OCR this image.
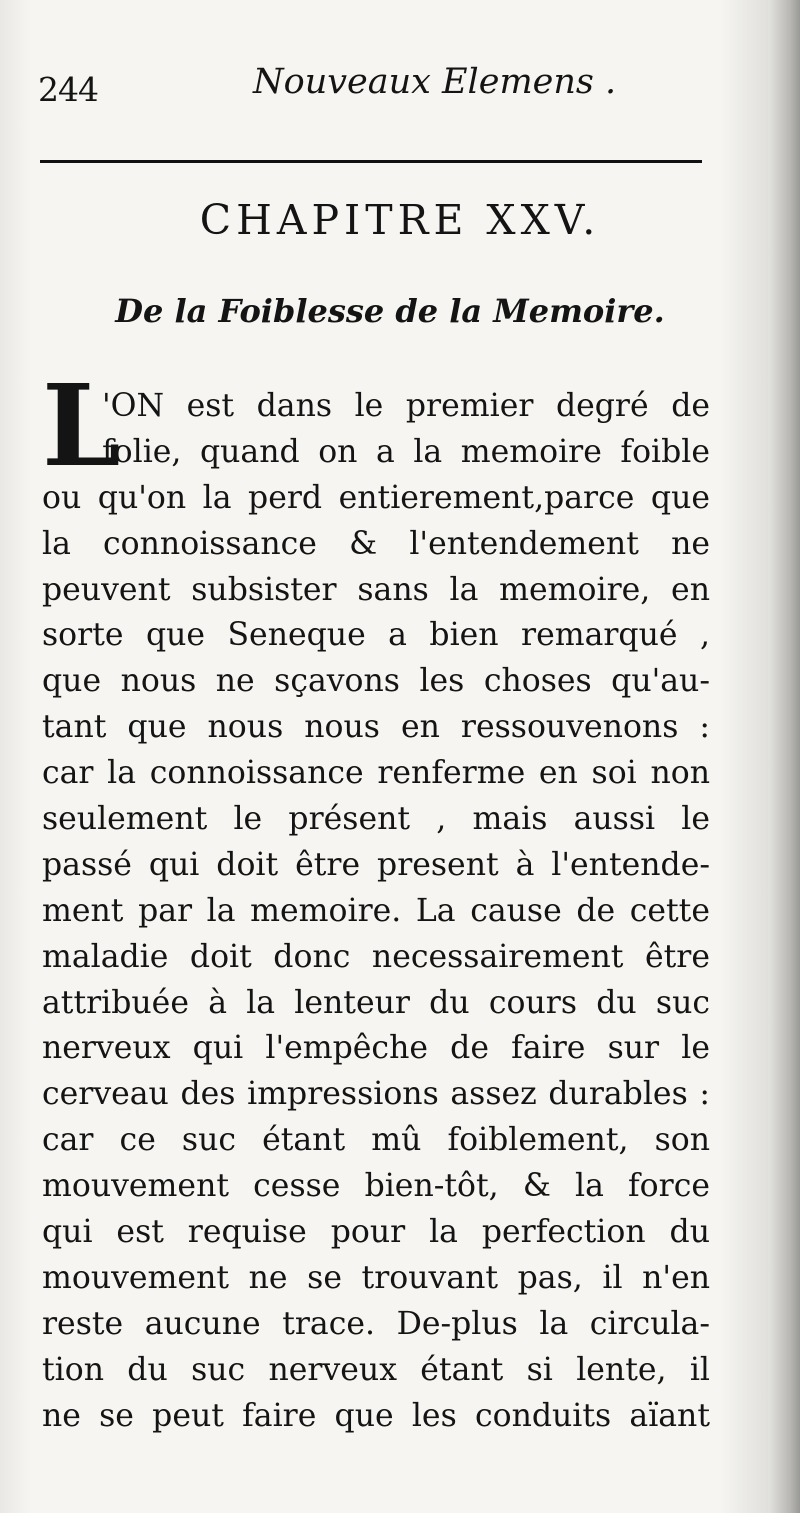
244	Nouveaux Elemens .
CHAPITRE XXV.
De la Foiblesse de la Memoire.
L
'ON est dans le premier degré de
folie, quand on a la memoire foible
ou qu'on la perd entierement,parce que
la connoissance & l'entendement ne
peuvent subsister sans la memoire, en
sorte que Seneque a bien remarqué ,
que nous ne sçavons les choses qu'au-
tant que nous nous en ressouvenons :
car la connoissance renferme en soi non
seulement le présent , mais aussi le
passé qui doit être present à l'entende-
ment par la memoire. La cause de cette
maladie doit donc necessairement être
attribuée à la lenteur du cours du suc
nerveux qui l'empêche de faire sur le
cerveau des impressions assez durables :
car ce suc étant mû foiblement, son
mouvement cesse bien-tôt, & la force
qui est requise pour la perfection du
mouvement ne se trouvant pas, il n'en
reste aucune trace. De-plus la circula-
tion du suc nerveux étant si lente, il
ne se peut faire que les conduits aïant
